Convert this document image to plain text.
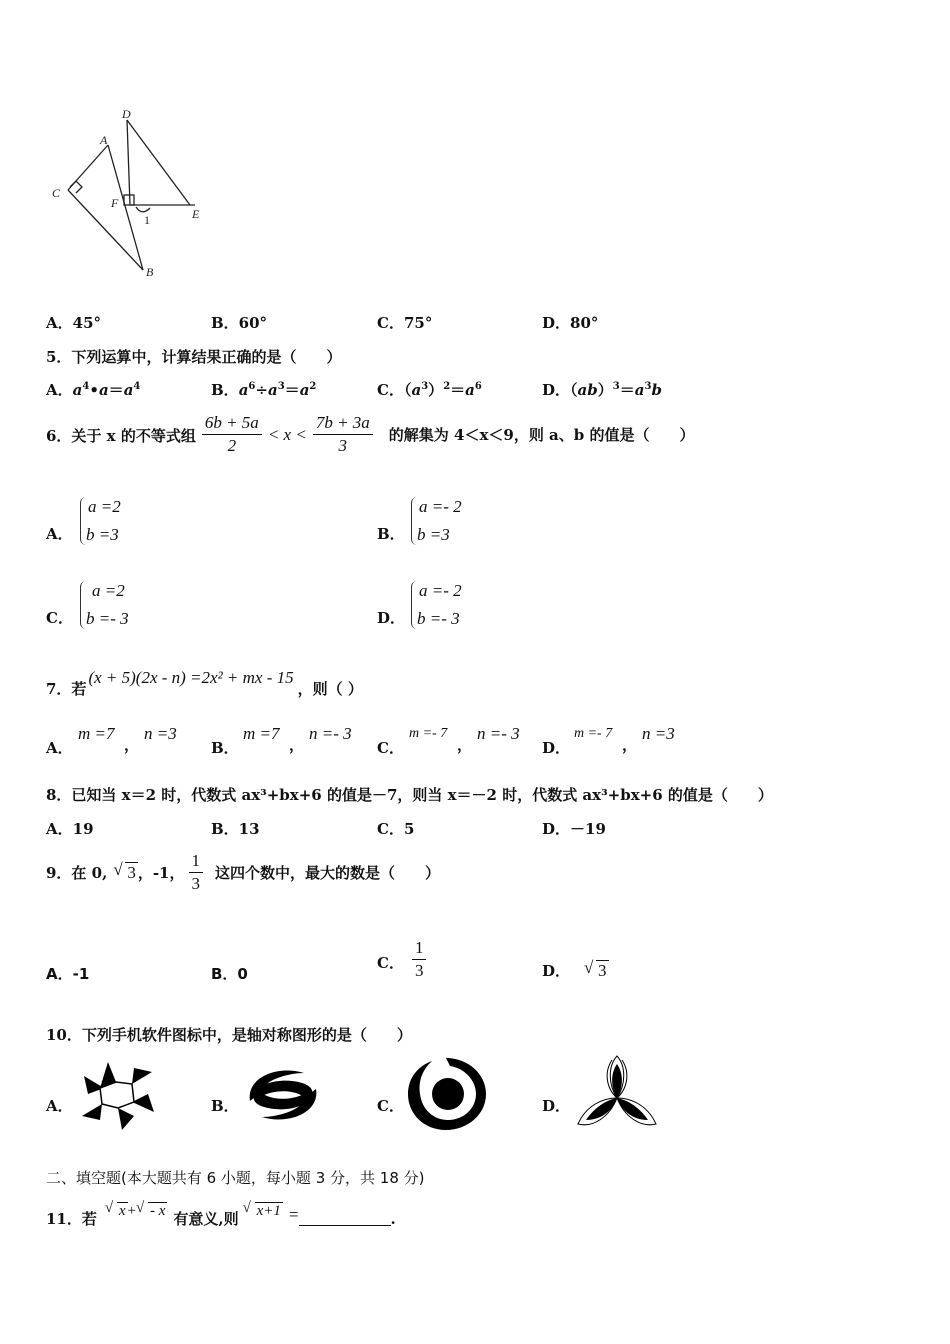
D
A
C
F
E
B
1
A．45°	B．60°	C．75°	D．80°
5．下列运算中，计算结果正确的是（　　）
A．$a^4•a=a^4$	B．$a^6\div a^3=a^2$	C．$(a^3)^2=a^6$	D．$(ab)^3=a^3b$
6．关于 x 的不等式组 $\frac{6b + 5a}{2} < x < \frac{7b + 3a}{3}$ 的解集为 4＜x＜9，则 a、b 的值是（　　）
A．
a =2
b =3	B．
a =- 2
b =3
C．
a =2
b =- 3	D．
a =- 2
b =- 3
7．若
(x + 5)(2x - n) =2x² + mx - 15
，则（ ）
A．
m =7
，
n =3
B．
m =7
，
n =- 3
C．
m =- 7
，
n =- 3
D．
m =- 7
，
n =3
8．已知当 x＝2 时，代数式 ax³+bx+6 的值是－7，则当 x＝－2 时，代数式 ax³+bx+6 的值是（　　）
A．19	B．13	C．5	D．－19
9．在 0, √ 3 ，-1， $\frac{1}{3}$ 这四个数中，最大的数是（　　）
A．-1	B．0
C． $\frac{1}{3}$	D． √ 3
10．下列手机软件图标中，是轴对称图形的是（　　）
A．	B．	C．	D．
二、填空题(本大题共有 6 小题，每小题 3 分，共 18 分)
11．若
√ x + √ - x 有意义,则
√ x+1 =	.
